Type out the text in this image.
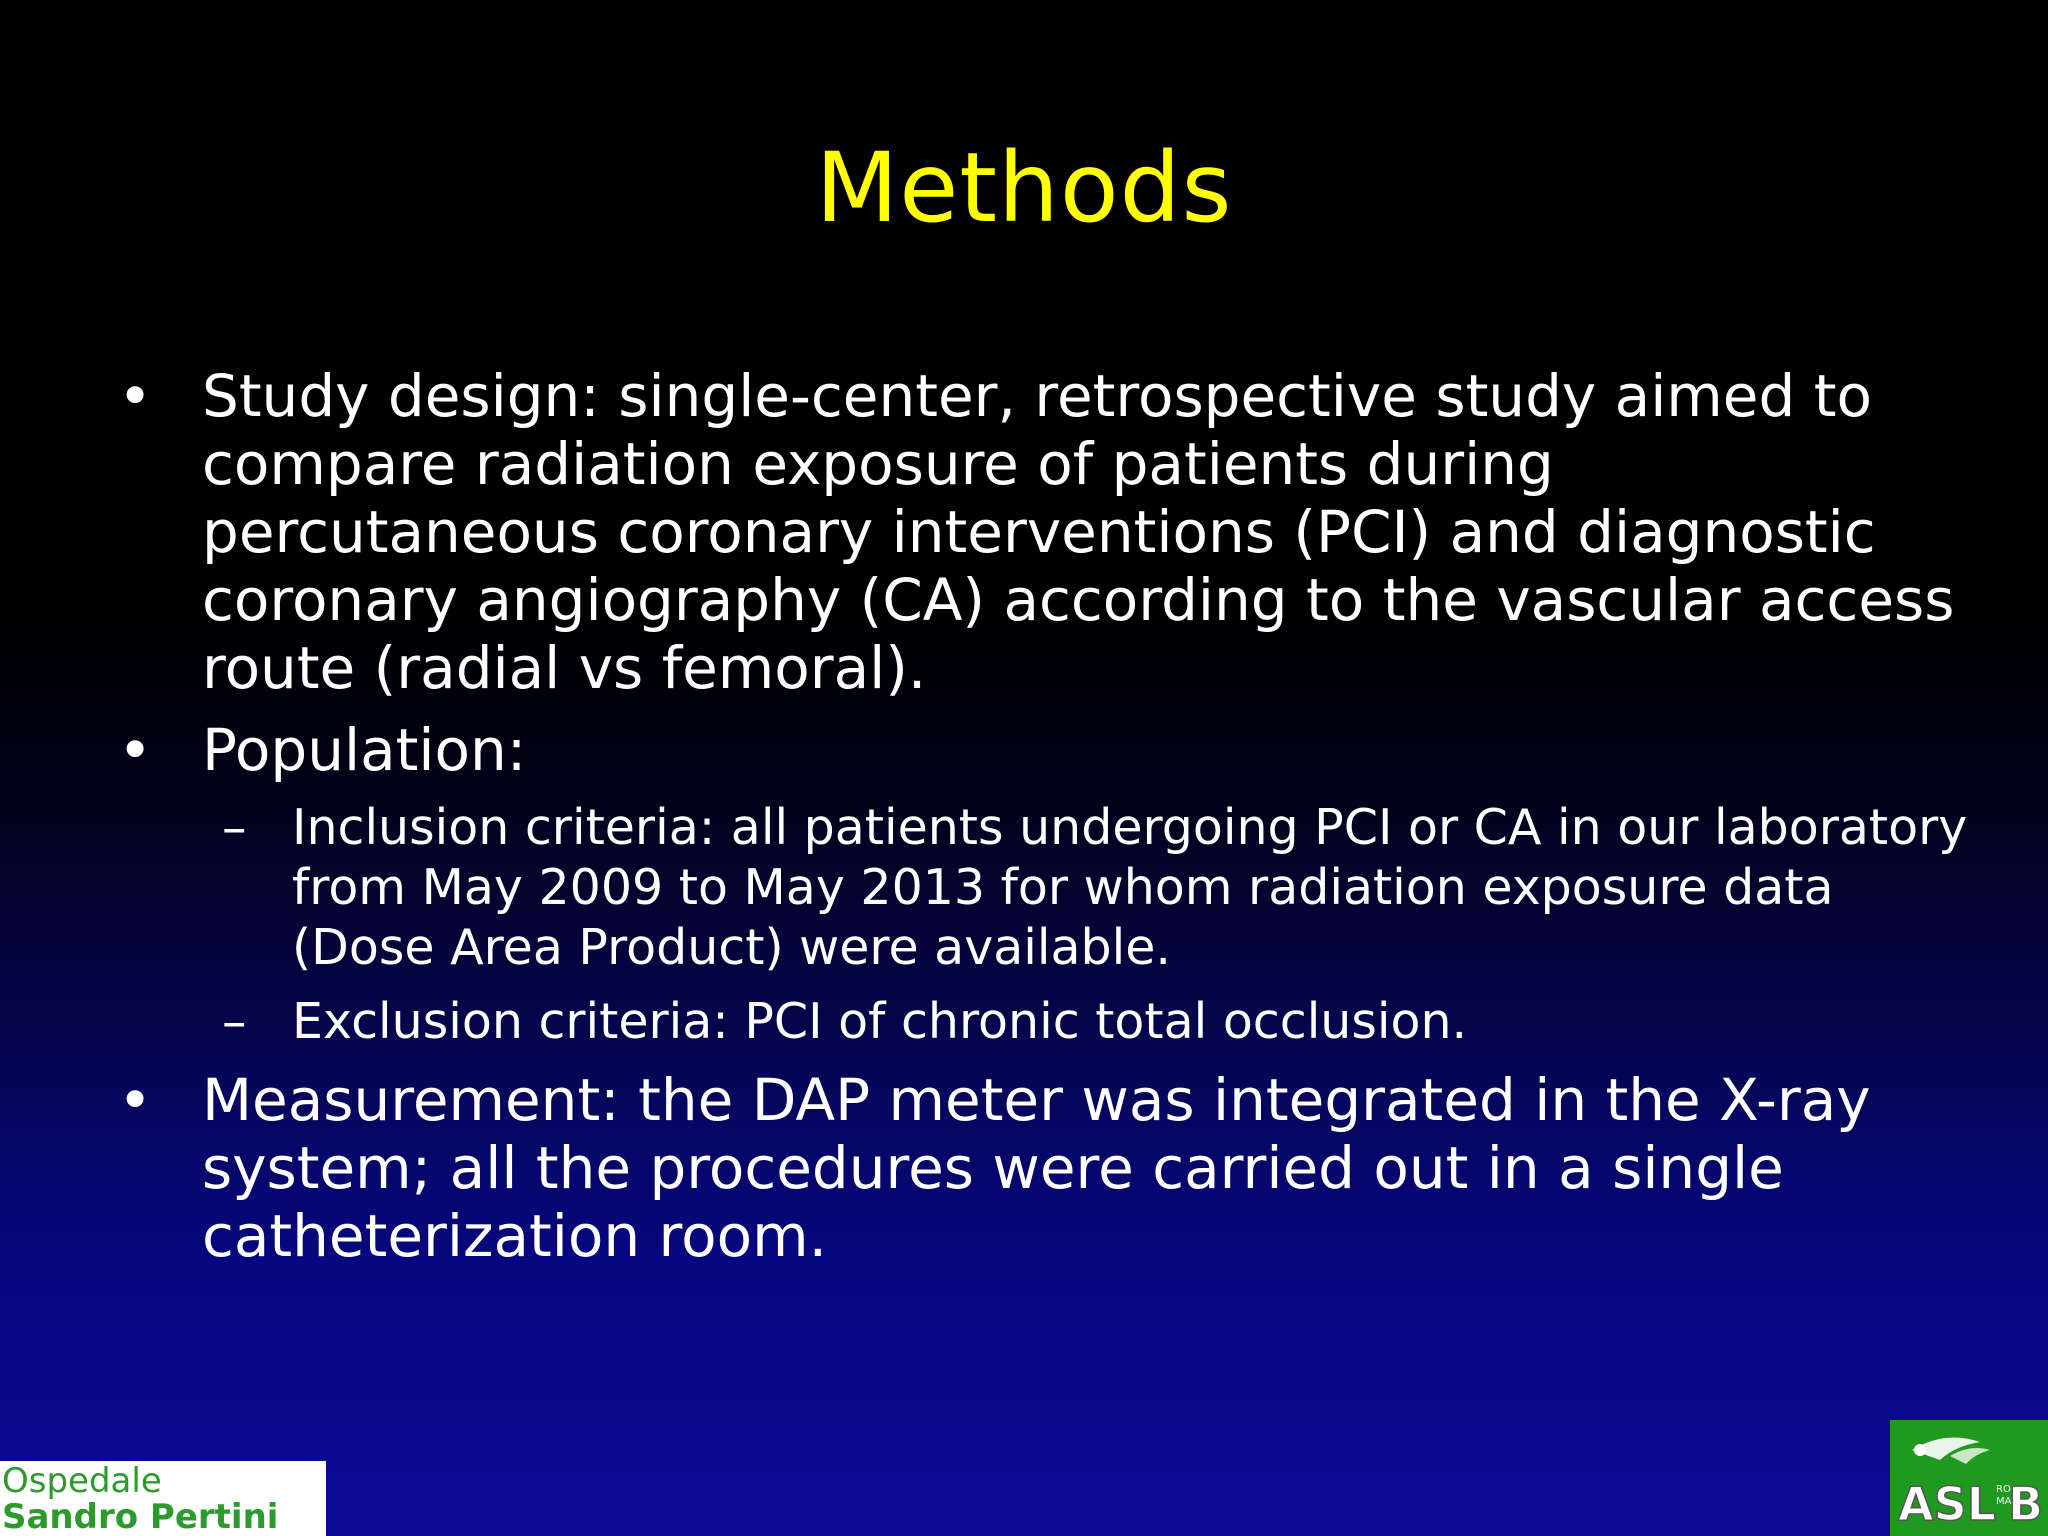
Methods
• Study design: single-center, retrospective study aimed to compare radiation exposure of patients during percutaneous coronary interventions (PCI) and diagnostic coronary angiography (CA) according to the vascular access route (radial vs femoral).
• Population:
– Inclusion criteria: all patients undergoing PCI or CA in our laboratory from May 2009 to May 2013 for whom radiation exposure data (Dose Area Product) were available.
– Exclusion criteria: PCI of chronic total occlusion.
• Measurement: the DAP meter was integrated in the X-ray system; all the procedures were carried out in a single catheterization room.
Ospedale
Sandro Pertini	ASL B
RO
MA
